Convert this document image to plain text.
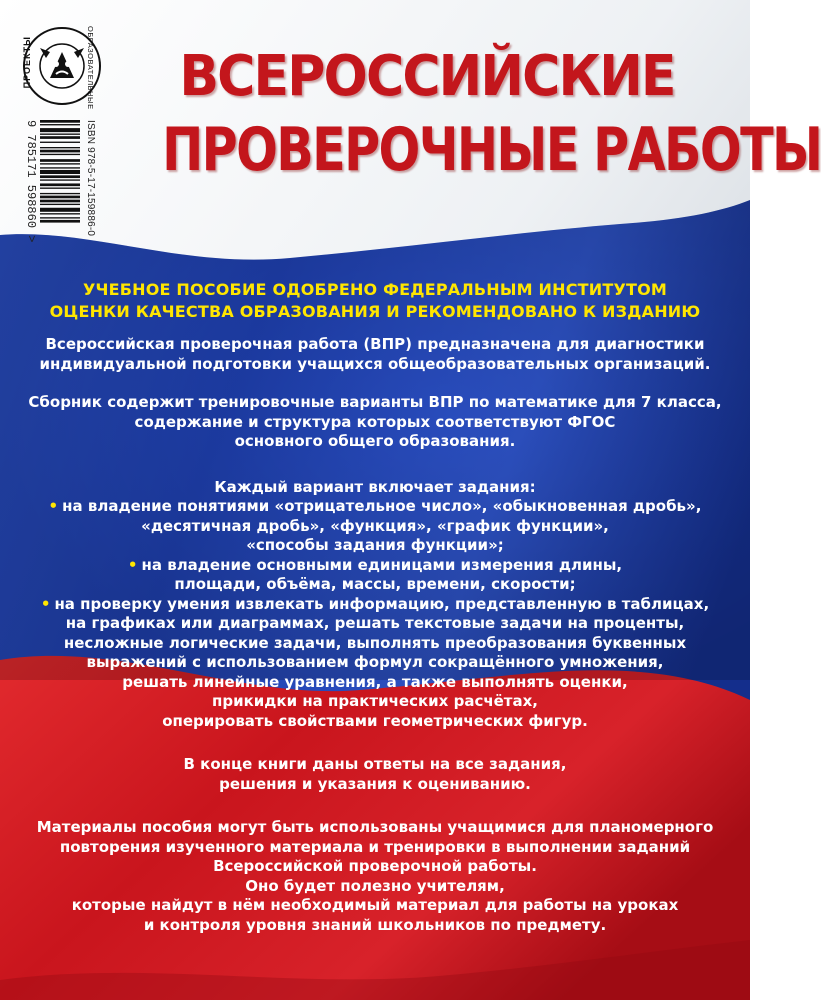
ПРОЕКТЫ	ОБРАЗОВАТЕЛЬНЫЕ
9 785171 598860 >	ISBN 978-5-17-159886-0
ВСЕРОССИЙСКИЕ
ПРОВЕРОЧНЫЕ РАБОТЫ

УЧЕБНОЕ ПОСОБИЕ ОДОБРЕНО ФЕДЕРАЛЬНЫМ ИНСТИТУТОМ

ОЦЕНКИ КАЧЕСТВА ОБРАЗОВАНИЯ И РЕКОМЕНДОВАНО К ИЗДАНИЮ

Всероссийская проверочная работа (ВПР) предназначена для диагностики

индивидуальной подготовки учащихся общеобразовательных организаций.

Сборник содержит тренировочные варианты ВПР по математике для 7 класса,

содержание и структура которых соответствуют ФГОС

основного общего образования.

Каждый вариант включает задания:

• на владение понятиями «отрицательное число», «обыкновенная дробь»,

«десятичная дробь», «функция», «график функции»,

«способы задания функции»;

• на владение основными единицами измерения длины,

площади, объёма, массы, времени, скорости;

• на проверку умения извлекать информацию, представленную в таблицах,

на графиках или диаграммах, решать текстовые задачи на проценты,

несложные логические задачи, выполнять преобразования буквенных

выражений с использованием формул сокращённого умножения,

решать линейные уравнения, а также выполнять оценки,

прикидки на практических расчётах,

оперировать свойствами геометрических фигур.

В конце книги даны ответы на все задания,

решения и указания к оцениванию.

Материалы пособия могут быть использованы учащимися для планомерного

повторения изученного материала и тренировки в выполнении заданий

Всероссийской проверочной работы.

Оно будет полезно учителям,

которые найдут в нём необходимый материал для работы на уроках

и контроля уровня знаний школьников по предмету.
